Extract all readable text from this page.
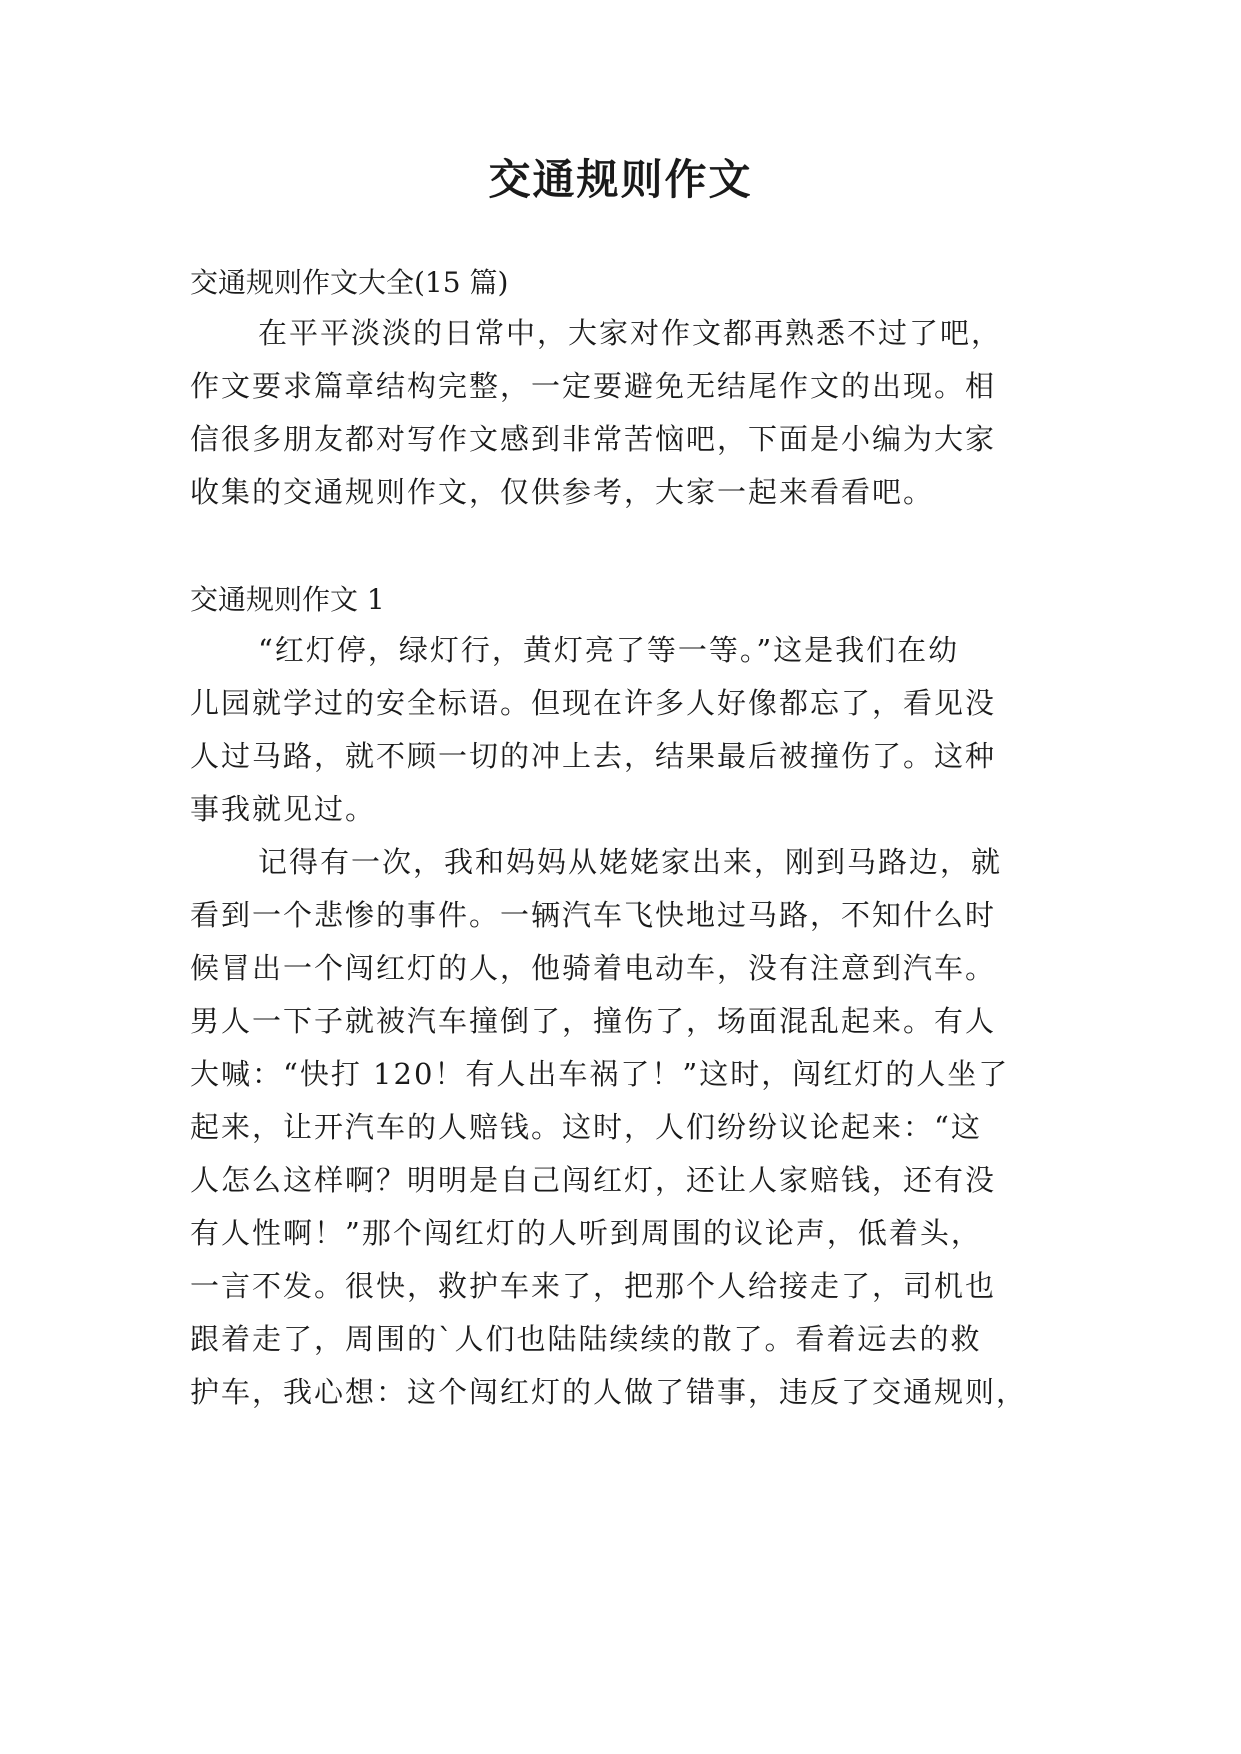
交通规则作文

交通规则作文大全(15 篇)

在平平淡淡的日常中，大家对作文都再熟悉不过了吧，

作文要求篇章结构完整，一定要避免无结尾作文的出现。相

信很多朋友都对写作文感到非常苦恼吧，下面是小编为大家

收集的交通规则作文，仅供参考，大家一起来看看吧。

交通规则作文 1

“红灯停，绿灯行，黄灯亮了等一等。”这是我们在幼

儿园就学过的安全标语。但现在许多人好像都忘了，看见没

人过马路，就不顾一切的冲上去，结果最后被撞伤了。这种

事我就见过。

记得有一次，我和妈妈从姥姥家出来，刚到马路边，就

看到一个悲惨的事件。一辆汽车飞快地过马路，不知什么时

候冒出一个闯红灯的人，他骑着电动车，没有注意到汽车。

男人一下子就被汽车撞倒了，撞伤了，场面混乱起来。有人

大喊：“快打 120！有人出车祸了！”这时，闯红灯的人坐了

起来，让开汽车的人赔钱。这时，人们纷纷议论起来：“这

人怎么这样啊？明明是自己闯红灯，还让人家赔钱，还有没

有人性啊！”那个闯红灯的人听到周围的议论声，低着头，

一言不发。很快，救护车来了，把那个人给接走了，司机也

跟着走了，周围的`人们也陆陆续续的散了。看着远去的救

护车，我心想：这个闯红灯的人做了错事，违反了交通规则，
